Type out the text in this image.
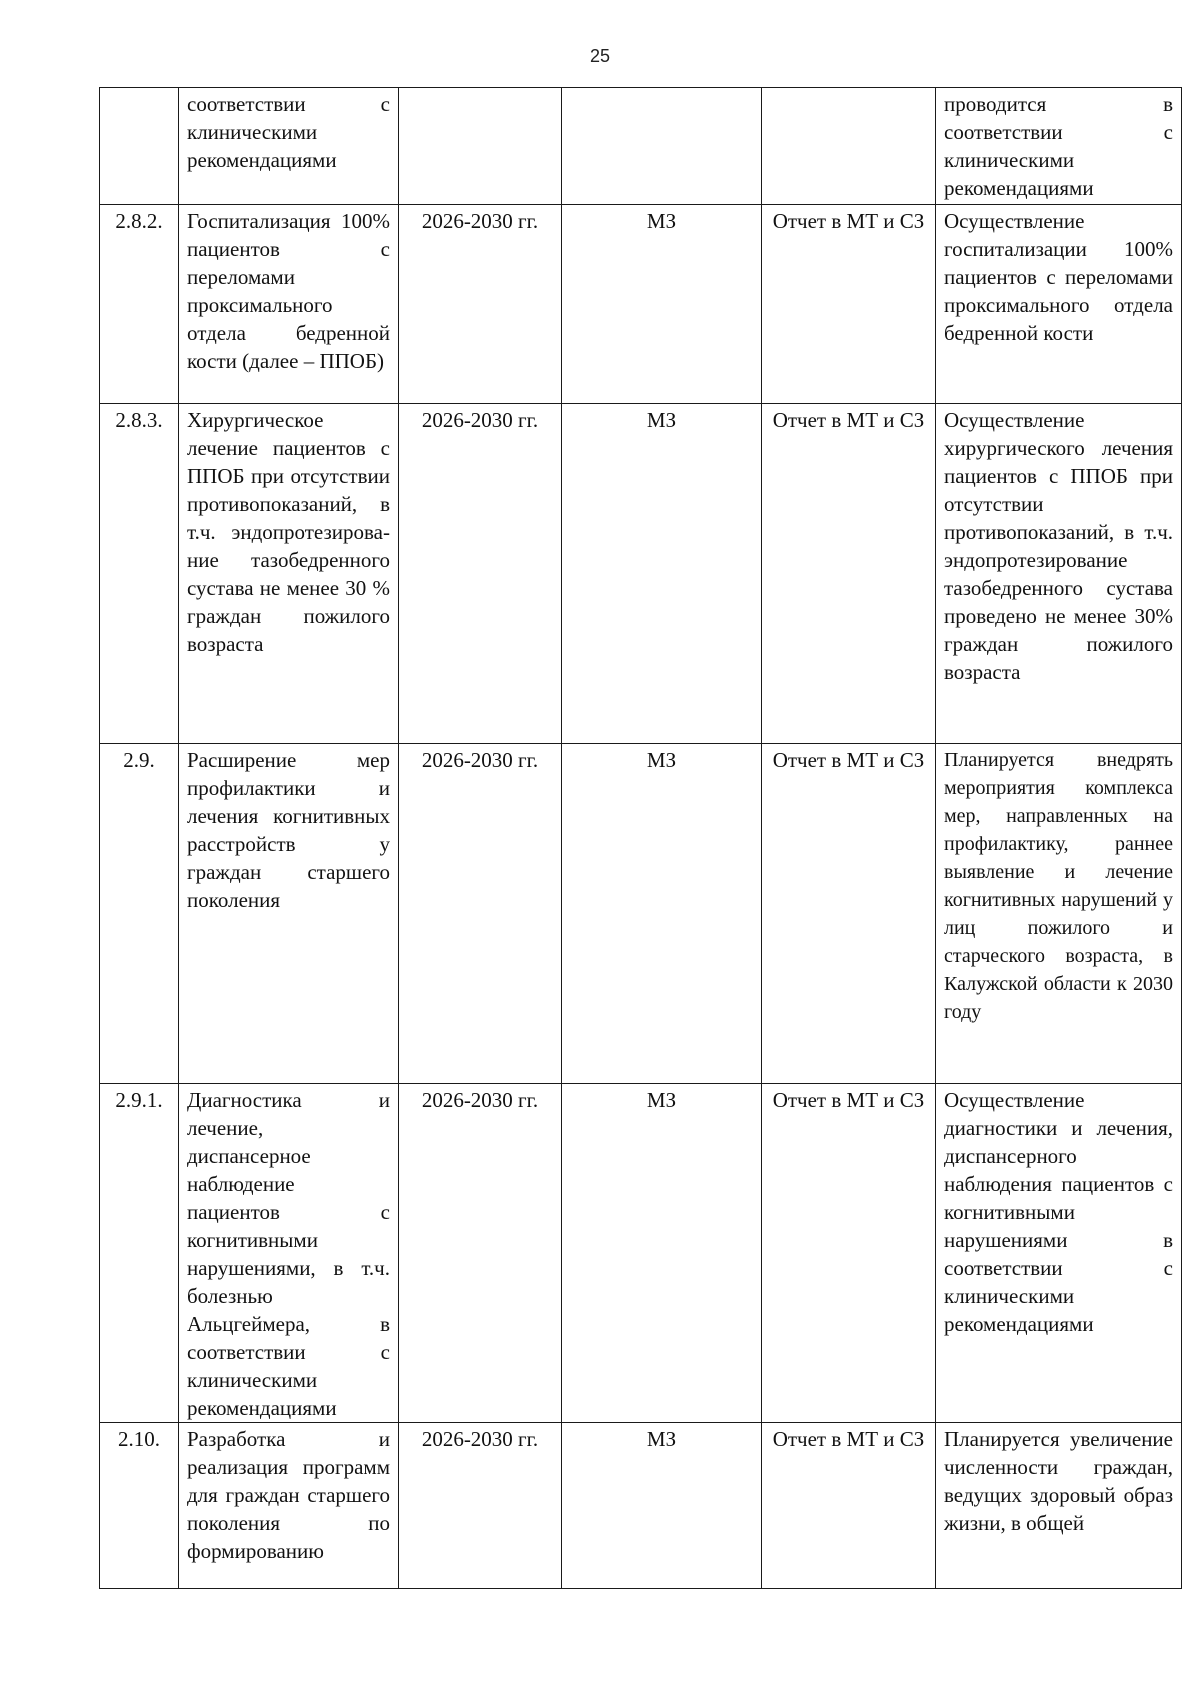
25
	соответствии с клиническими рекомендациями				проводится в соответствии с клиническими рекомендациями
2.8.2.	Госпитализация 100% пациентов с переломами проксимального отдела бедренной кости (далее – ППОБ)	2026-2030 гг.	МЗ	Отчет в МТ и СЗ	Осуществление госпитализации 100% пациентов с переломами проксимального отдела бедренной кости
2.8.3.	Хирургическое лечение пациентов с ППОБ при отсутствии противопоказаний, в т.ч. эндопротезирова-ние тазобедренного сустава не менее 30 % граждан пожилого возраста	2026-2030 гг.	МЗ	Отчет в МТ и СЗ	Осуществление хирургического лечения пациентов с ППОБ при отсутствии противопоказаний, в т.ч. эндопротезирование тазобедренного сустава проведено не менее 30% граждан пожилого возраста
2.9.	Расширение мер профилактики и лечения когнитивных расстройств у граждан старшего поколения	2026-2030 гг.	МЗ	Отчет в МТ и СЗ	Планируется внедрять мероприятия комплекса мер, направленных на профилактику, раннее выявление и лечение когнитивных нарушений у лиц пожилого и старческого возраста, в Калужской области к 2030 году
2.9.1.	Диагностика и лечение, диспансерное наблюдение пациентов с когнитивными нарушениями, в т.ч. болезнью Альцгеймера, в соответствии с клиническими рекомендациями	2026-2030 гг.	МЗ	Отчет в МТ и СЗ	Осуществление диагностики и лечения, диспансерного наблюдения пациентов с когнитивными нарушениями в соответствии с клиническими рекомендациями
2.10.	Разработка и реализация программ для граждан старшего поколения по формированию	2026-2030 гг.	МЗ	Отчет в МТ и СЗ	Планируется увеличение численности граждан, ведущих здоровый образ жизни, в общей
